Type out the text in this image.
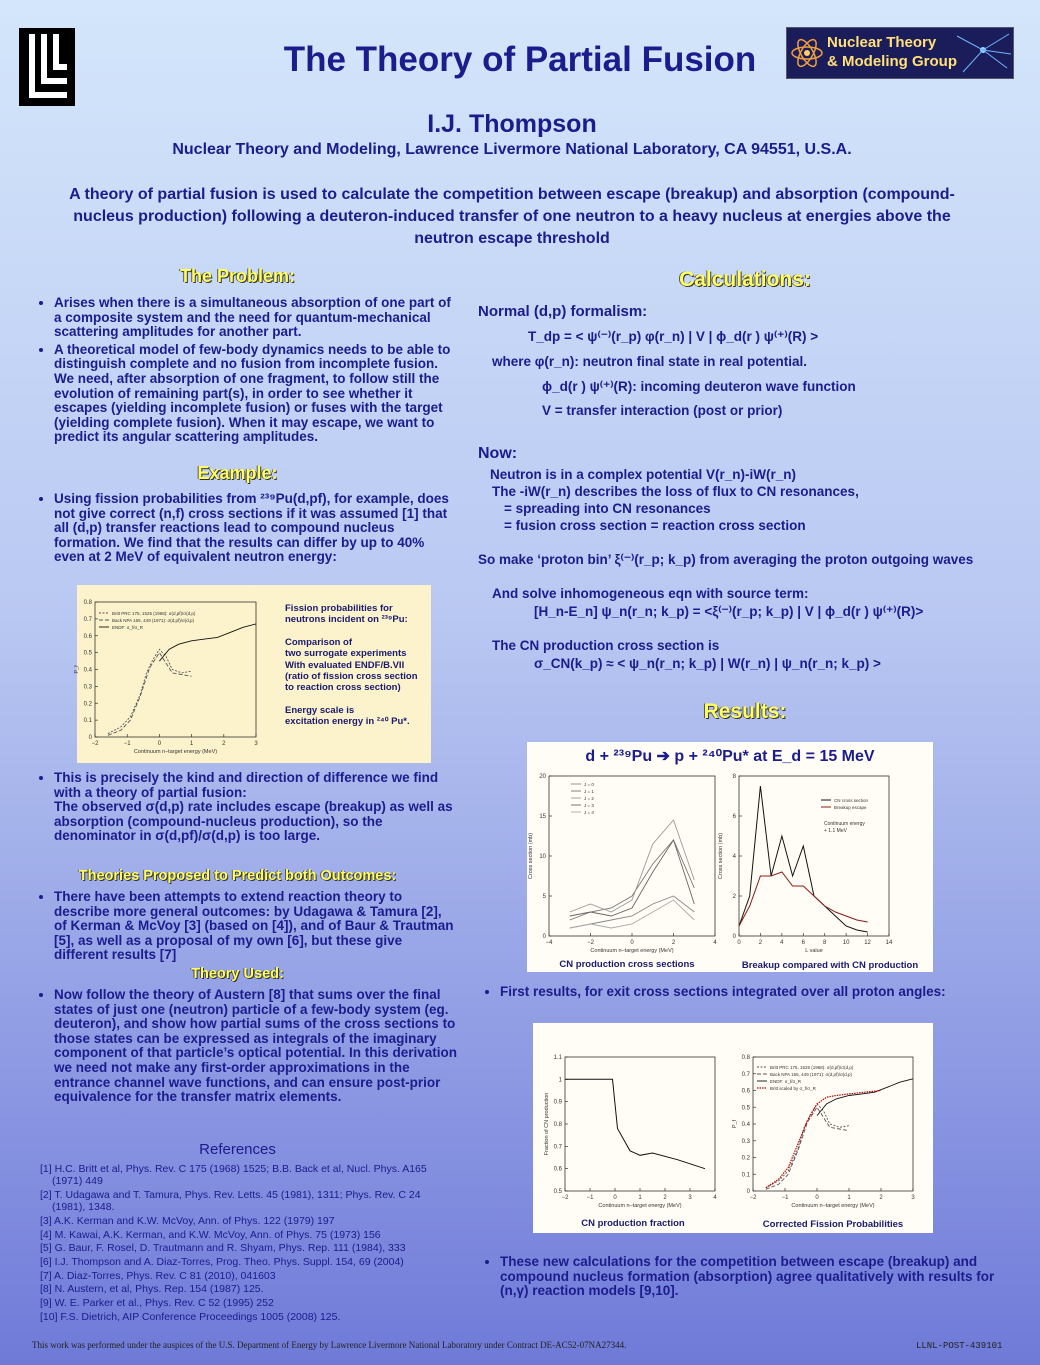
The Theory of Partial Fusion	Nuclear Theory
& Modeling Group
I.J. Thompson
Nuclear Theory and Modeling, Lawrence Livermore National Laboratory, CA 94551, U.S.A.
A theory of partial fusion is used to calculate the competition between escape (breakup) and absorption (compound-nucleus production) following a deuteron-induced transfer of one neutron to a heavy nucleus at energies above the neutron escape threshold
The Problem:
• Arises when there is a simultaneous absorption of one part of a composite system and the need for quantum-mechanical scattering amplitudes for another part.
• A theoretical model of few-body dynamics needs to be able to distinguish complete and no fusion from incomplete fusion. We need, after absorption of one fragment, to follow still the evolution of remaining part(s), in order to see whether it escapes (yielding incomplete fusion) or fuses with the target (yielding complete fusion). When it may escape, we want to predict its angular scattering amplitudes.
Example:
• Using fission probabilities from ²³⁹Pu(d,pf), for example, does not give correct (n,f) cross sections if it was assumed [1] that all (d,p) transfer reactions lead to compound nucleus formation. We find that the results can differ by up to 40% even at 2 MeV of equivalent neutron energy:
−2	−1	0	1	2	3
0
0.1
0.2
0.3
0.4
0.5
0.6
0.7
0.8
Continuum n–target energy (MeV)
P_f
Britt PRC 175, 1525 (1968): σ(d,pf)/σ(d,p)
Back NPA 165, 449 (1971): σ(d,pf)/σ(d,p)
ENDF: σ_f/σ_R
Fission probabilities for
neutrons incident on ²³⁹Pu:
Comparison of
two surrogate experiments
With evaluated ENDF/B.VII
(ratio of fission cross section
to reaction cross section)
Energy scale is
excitation energy in ²⁴⁰ Pu*.
• This is precisely the kind and direction of difference we find with a theory of partial fusion:
The observed σ(d,p) rate includes escape (breakup) as well as absorption (compound-nucleus production), so the denominator in σ(d,pf)/σ(d,p) is too large.
Theories Proposed to Predict both Outcomes:
• There have been attempts to extend reaction theory to describe more general outcomes: by Udagawa & Tamura [2], of Kerman & McVoy [3] (based on [4]), and of Baur & Trautman [5], as well as a proposal of my own [6], but these give different results [7]
Theory Used:
• Now follow the theory of Austern [8] that sums over the final states of just one (neutron) particle of a few-body system (eg. deuteron), and show how partial sums of the cross sections to those states can be expressed as integrals of the imaginary component of that particle’s optical potential. In this derivation we need not make any first-order approximations in the entrance channel wave functions, and can ensure post-prior equivalence for the transfer matrix elements.
References
[1] H.C. Britt et al, Phys. Rev. C 175 (1968) 1525; B.B. Back et al, Nucl. Phys. A165 (1971) 449
[2] T. Udagawa and T. Tamura, Phys. Rev. Letts. 45 (1981), 1311; Phys. Rev. C 24 (1981), 1348.
[3] A.K. Kerman and K.W. McVoy, Ann. of Phys. 122 (1979) 197
[4] M. Kawai, A.K. Kerman, and K.W. McVoy, Ann. of Phys. 75 (1973) 156
[5] G. Baur, F. Rosel, D. Trautmann and R. Shyam, Phys. Rep. 111 (1984), 333
[6] I.J. Thompson and A. Diaz-Torres, Prog. Theo. Phys. Suppl. 154, 69 (2004)
[7] A. Diaz-Torres, Phys. Rev. C 81 (2010), 041603
[8] N. Austern, et al, Phys. Rep. 154 (1987) 125.
[9] W. E. Parker et al., Phys. Rev. C 52 (1995) 252
[10] F.S. Dietrich, AIP Conference Proceedings 1005 (2008) 125.
Calculations:
Normal (d,p) formalism:
T_dp = < ψ⁽⁻⁾(r_p) φ(r_n) | V | ϕ_d(r ) ψ⁽⁺⁾(R) >
where φ(r_n): neutron final state in real potential.
ϕ_d(r ) ψ⁽⁺⁾(R): incoming deuteron wave function
V = transfer interaction (post or prior)
Now:
Neutron is in a complex potential V(r_n)-iW(r_n)
The -iW(r_n) describes the loss of flux to CN resonances,
= spreading into CN resonances
= fusion cross section = reaction cross section
So make ‘proton bin’ ξ⁽⁻⁾(r_p; k_p) from averaging the proton outgoing waves
And solve inhomogeneous eqn with source term:
[H_n-E_n] ψ_n(r_n; k_p) = <ξ⁽⁻⁾(r_p; k_p) | V | ϕ_d(r ) ψ⁽⁺⁾(R)>
The CN production cross section is
σ_CN(k_p) ≈ < ψ_n(r_n; k_p) | W(r_n) | ψ_n(r_n; k_p) >
Results:
d + ²³⁹Pu ➔ p + ²⁴⁰Pu* at E_d = 15 MeV
−4	−2	0	2	4
0
5
10
15
20
Continuum n–target energy (MeV)
Cross section (mb)
J = 0
J = 1
J = 2
J = 3
J = 4
0	2	4	6	8	10 12 14
0
2
4
6
8
L value
Cross section (mb)
CN cross section
Breakup escape
Continuum energy
+ 1.1 MeV
CN production cross sections	Breakup compared with CN production
• First results, for exit cross sections integrated over all proton angles:
−2	−1	0	1	2	3	4
0.5
0.6
0.7
0.8
0.9
1
1.1
Continuum n–target energy (MeV)
Fraction of CN production
−2	−1	0	1	2	3
0
0.1
0.2
0.3
0.4
0.5
0.6
0.7
0.8
Continuum n–target energy (MeV)
P_f
Britt PRC 175, 1525 (1968): σ(d,pf)/σ(d,p)
Back NPA 165, 449 (1971): σ(d,pf)/σ(d,p)
ENDF: σ_f/σ_R
Britt scaled by σ_f/σ_R
CN production fraction	Corrected Fission Probabilities
• These new calculations for the competition between escape (breakup) and compound nucleus formation (absorption) agree qualitatively with results for (n,γ) reaction models [9,10].
This work was performed under the auspices of the U.S. Department of Energy by Lawrence Livermore National Laboratory under Contract DE-AC52-07NA27344.	LLNL-POST-439101
